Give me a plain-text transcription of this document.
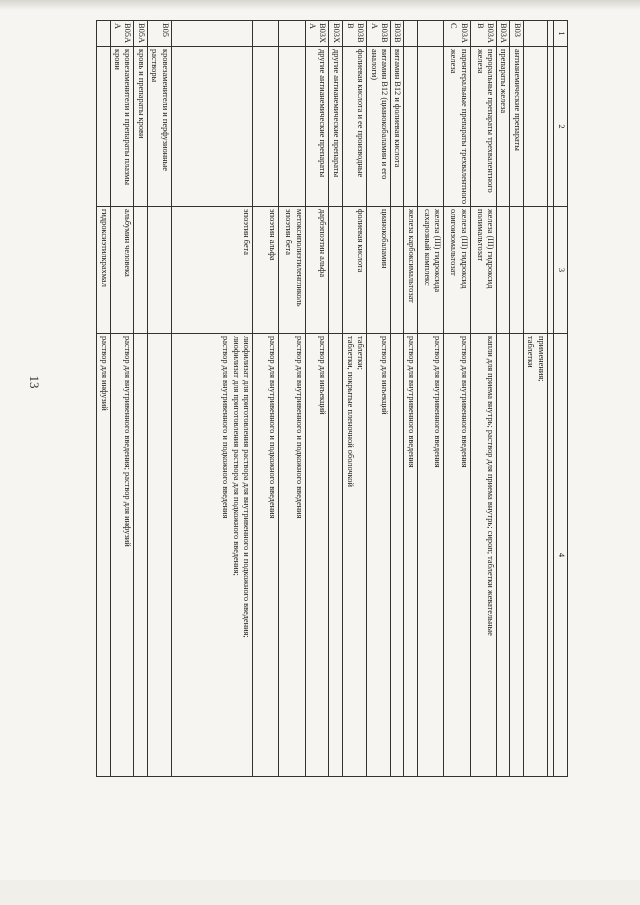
13
1	2	3	4

			применения;
таблетки
B03	антианемические препараты		
B03A	препараты железа		
B03AB	пероральные препараты трехвалентного железа	железа (III) гидроксид полимальтозат	капли для приема внутрь; раствор для приема внутрь; сироп; таблетки жевательные
B03AC	парентеральные препараты трехвалентного железа	железа (III) гидроксид олигоизомальтозат	раствор для внутривенного введения
		железа (III) гидроксида сахарозный комплекс	раствор для внутривенного введения
		железа карбоксимальтозат	раствор для внутривенного введения
B03B	витамин B12 и фолиевая кислота		
B03BA	витамин B12 (цианокобаламин и его аналоги)	цианокобаламин	раствор для инъекций
B03BB	фолиевая кислота и ее производные	фолиевая кислота	таблетки;
таблетки, покрытые пленочной оболочкой
B03X	другие антианемические препараты		
B03XA	другие антианемические препараты	дарбэпоэтин альфа	раствор для инъекций
		метоксиполиэтиленгликоль эпоэтин бета	раствор для внутривенного и подкожного введения
		эпоэтин альфа	раствор для внутривенного и подкожного введения
		эпоэтин бета	лиофилизат для приготовления раствора для внутривенного и подкожного введения;
лиофилизат для приготовления раствора для подкожного введения;
раствор для внутривенного и подкожного введения
B05	кровезаменители и перфузионные растворы		
B05A	кровь и препараты крови		
B05AA	кровезаменители и препараты плазмы крови	альбумин человека	раствор для внутривенного введения; раствор для инфузий
		гидроксиэтилкрахмал	раствор для инфузий
